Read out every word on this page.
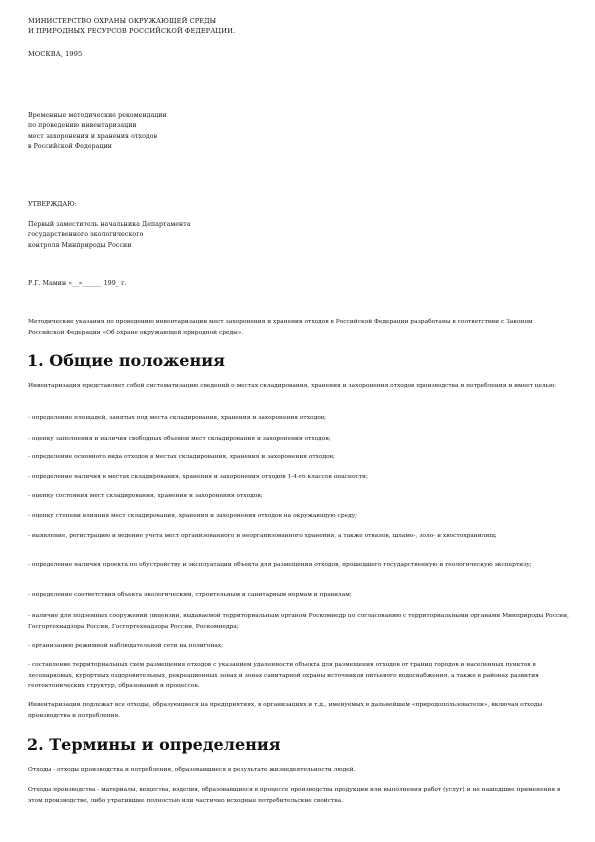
МИНИСТЕРСТВО ОХРАНЫ ОКРУЖАЮЩЕЙ СРЕДЫ
И ПРИРОДНЫХ РЕСУРСОВ РОССИЙСКОЙ ФЕДЕРАЦИИ.
МОСКВА, 1995
Временные методические рекомендации
по проведению инвентаризации
мест захоронения и хранения отходов
в Российской Федерации
УТВЕРЖДАЮ:
Первый заместитель начальника Департамента
государственного экологического
контроля Минприроды России
Р.Г. Мамин «__»______ 199_ г.
Методические указания по проведению инвентаризации мест захоронения и хранения отходов в Российской Федерации разработаны в соответствии с Законом Российской Федерации «Об охране окружающей природной среды».
1. Общие положения
Инвентаризация представляет собой систематизацию сведений о местах складирования, хранения и захоронения отходов производства и потребления и имеет целью:
- определение площадей, занятых под места складирования, хранения и захоронения отходов;
- оценку заполнения и наличия свободных объемов мест складирования и захоронения отходов;
- определение основного вида отходов в местах складирования, хранения и захоронения отходов;
- определение наличия в местах складирования, хранения и захоронения отходов 1-4-го классов опасности;
- оценку состояния мест складирования, хранения и захоронения отходов;
- оценку степени влияния мест складирования, хранения и захоронения отходов на окружающую среду;
- выявление, регистрацию и ведение учета мест организованного и неорганизованного хранения, а также отвалов, шламо-, золо- и хвостохранилищ;
- определение наличия проекта по обустройству и эксплуатации объекта для размещения отходов, прошедшего государственную и геологическую экспертизу;
- определение соответствия объекта экологическим, строительным и санитарным нормам и правилам;
- наличие для подземных сооружений лицензии, выдаваемой территориальным органом Роскомнедр по согласованию с территориальными органами Минприроды России, Госгортехнадзора России, Госгортехнадзора России, Роскомнедра;
- организацию режимной наблюдательной сети на полигонах;
- составление территориальных схем размещения отходов с указанием удаленности объекта для размещения отходов от границ городов и населенных пунктов в лесопарковых, курортных оздоровительных, рекреационных зонах и зонах санитарной охраны источников питьевого водоснабжения, а также в районах развития геотектонических структур, образований и процессов.
Инвентаризации подлежат все отходы, образующиеся на предприятиях, в организациях и т.д., именуемых в дальнейшем «природопользователи», включая отходы производства и потребления.
2. Термины и определения
Отходы - отходы производства и потребления, образовавшиеся в результате жизнедеятельности людей.
Отходы производства - материалы, вещества, изделия, образовавшиеся в процессе производства продукции или выполнения работ (услуг) и не нашедшие применения в этом производстве, либо утратившие полностью или частично исходные потребительские свойства.
